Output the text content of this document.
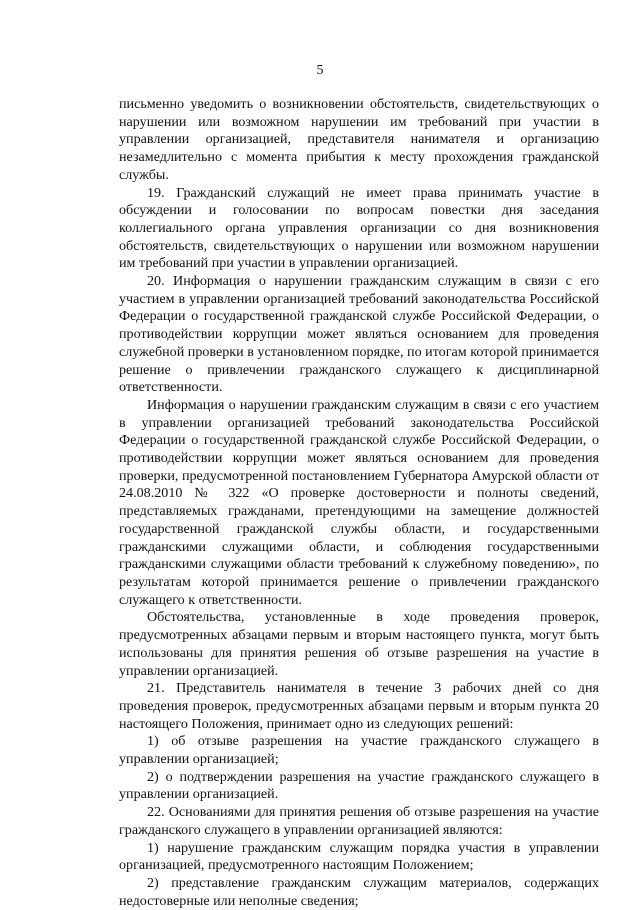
5

письменно уведомить о возникновении обстоятельств, свидетельствующих о нарушении или возможном нарушении им требований при участии в управлении организацией, представителя нанимателя и организацию незамедлительно с момента прибытия к месту прохождения гражданской службы.

19. Гражданский служащий не имеет права принимать участие в обсуждении и голосовании по вопросам повестки дня заседания коллегиального органа управления организации со дня возникновения обстоятельств, свидетельствующих о нарушении или возможном нарушении им требований при участии в управлении организацией.

20. Информация о нарушении гражданским служащим в связи с его участием в управлении организацией требований законодательства Российской Федерации о государственной гражданской службе Российской Федерации, о противодействии коррупции может являться основанием для проведения служебной проверки в установленном порядке, по итогам которой принимается решение о привлечении гражданского служащего к дисциплинарной ответственности.

Информация о нарушении гражданским служащим в связи с его участием в управлении организацией требований законодательства Российской Федерации о государственной гражданской службе Российской Федерации, о противодействии коррупции может являться основанием для проведения проверки, предусмотренной постановлением Губернатора Амурской области от 24.08.2010 № 322 «О проверке достоверности и полноты сведений, представляемых гражданами, претендующими на замещение должностей государственной гражданской службы области, и государственными гражданскими служащими области, и соблюдения государственными гражданскими служащими области требований к служебному поведению», по результатам которой принимается решение о привлечении гражданского служащего к ответственности.

Обстоятельства, установленные в ходе проведения проверок, предусмотренных абзацами первым и вторым настоящего пункта, могут быть использованы для принятия решения об отзыве разрешения на участие в управлении организацией.

21. Представитель нанимателя в течение 3 рабочих дней со дня проведения проверок, предусмотренных абзацами первым и вторым пункта 20 настоящего Положения, принимает одно из следующих решений:

1) об отзыве разрешения на участие гражданского служащего в управлении организацией;

2) о подтверждении разрешения на участие гражданского служащего в управлении организацией.

22. Основаниями для принятия решения об отзыве разрешения на участие гражданского служащего в управлении организацией являются:

1) нарушение гражданским служащим порядка участия в управлении организацией, предусмотренного настоящим Положением;

2) представление гражданским служащим материалов, содержащих недостоверные или неполные сведения;
